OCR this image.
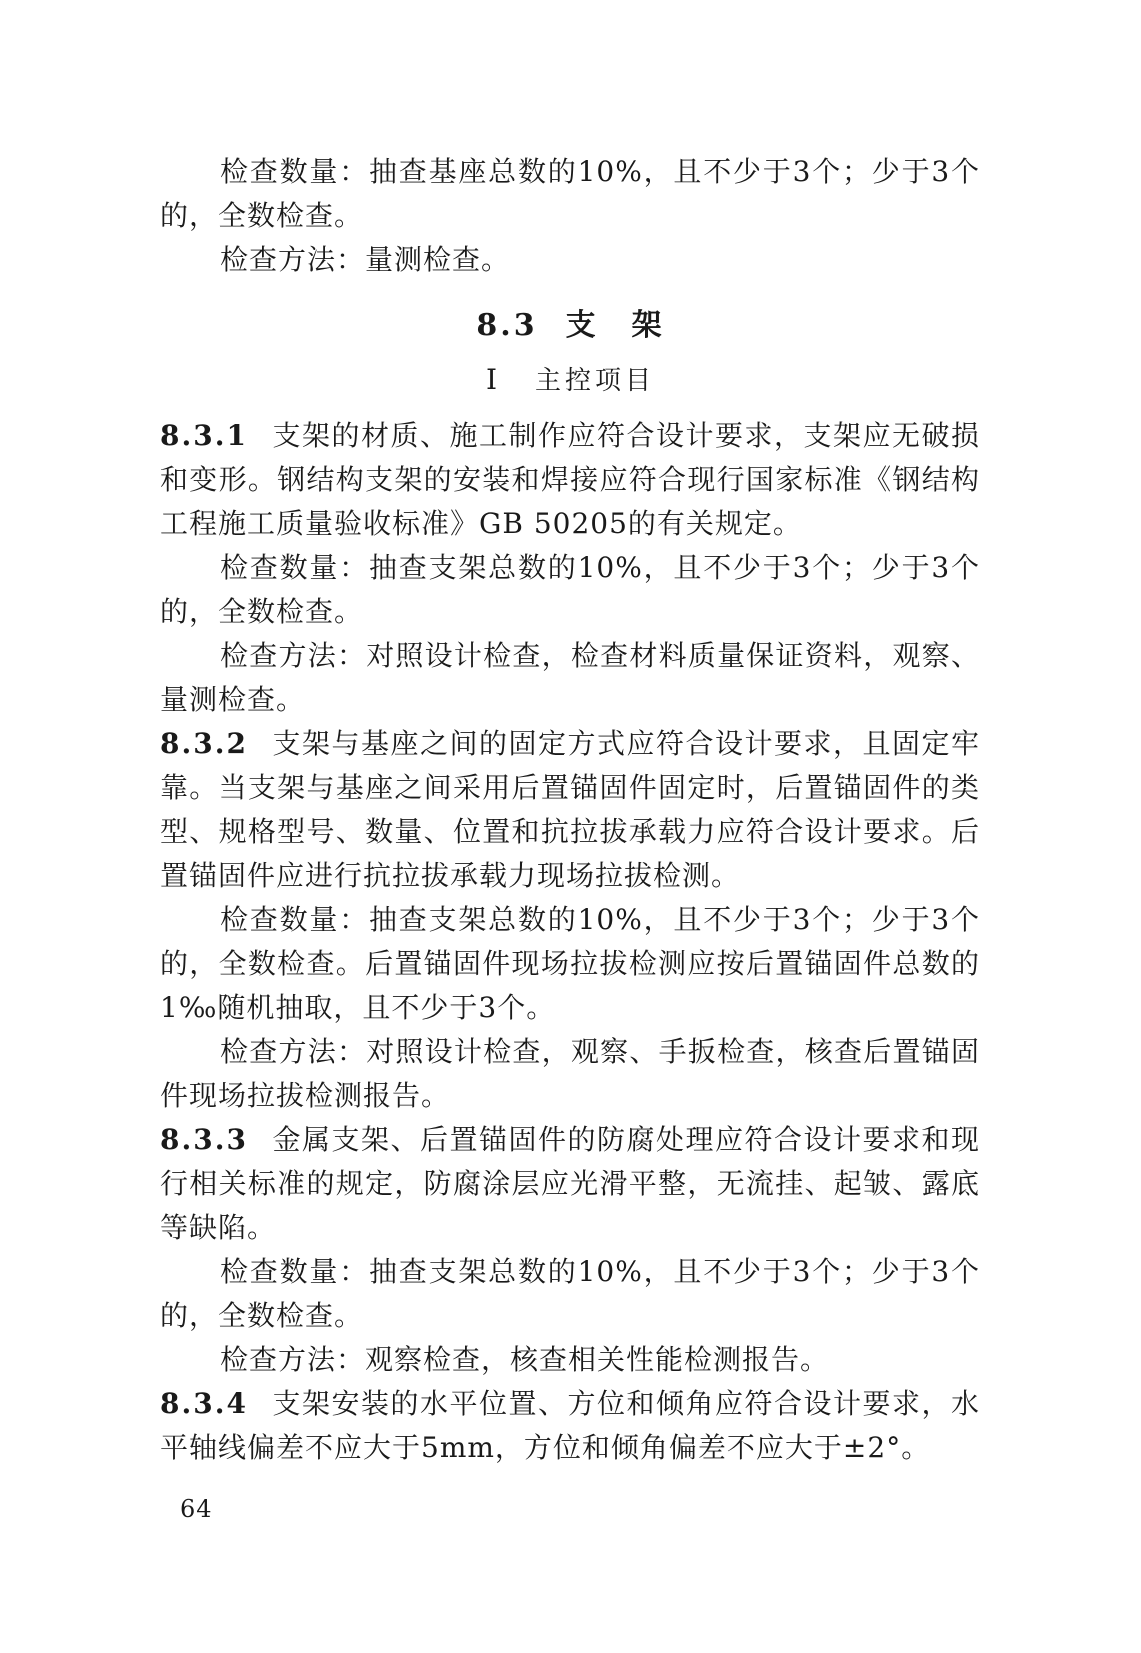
检查数量：抽查基座总数的10%，且不少于3个；少于3个的，全数检查。

检查方法：量测检查。

8.3 支　架
Ⅰ 主控项目

8.3.1 支架的材质、施工制作应符合设计要求，支架应无破损和变形。钢结构支架的安装和焊接应符合现行国家标准《钢结构工程施工质量验收标准》GB 50205的有关规定。

检查数量：抽查支架总数的10%，且不少于3个；少于3个的，全数检查。

检查方法：对照设计检查，检查材料质量保证资料，观察、量测检查。

8.3.2 支架与基座之间的固定方式应符合设计要求，且固定牢靠。当支架与基座之间采用后置锚固件固定时，后置锚固件的类型、规格型号、数量、位置和抗拉拔承载力应符合设计要求。后置锚固件应进行抗拉拔承载力现场拉拔检测。

检查数量：抽查支架总数的10%，且不少于3个；少于3个的，全数检查。后置锚固件现场拉拔检测应按后置锚固件总数的1‰随机抽取，且不少于3个。

检查方法：对照设计检查，观察、手扳检查，核查后置锚固件现场拉拔检测报告。

8.3.3 金属支架、后置锚固件的防腐处理应符合设计要求和现行相关标准的规定，防腐涂层应光滑平整，无流挂、起皱、露底等缺陷。

检查数量：抽查支架总数的10%，且不少于3个；少于3个的，全数检查。

检查方法：观察检查，核查相关性能检测报告。

8.3.4 支架安装的水平位置、方位和倾角应符合设计要求，水平轴线偏差不应大于5mm，方位和倾角偏差不应大于±2°。

64
